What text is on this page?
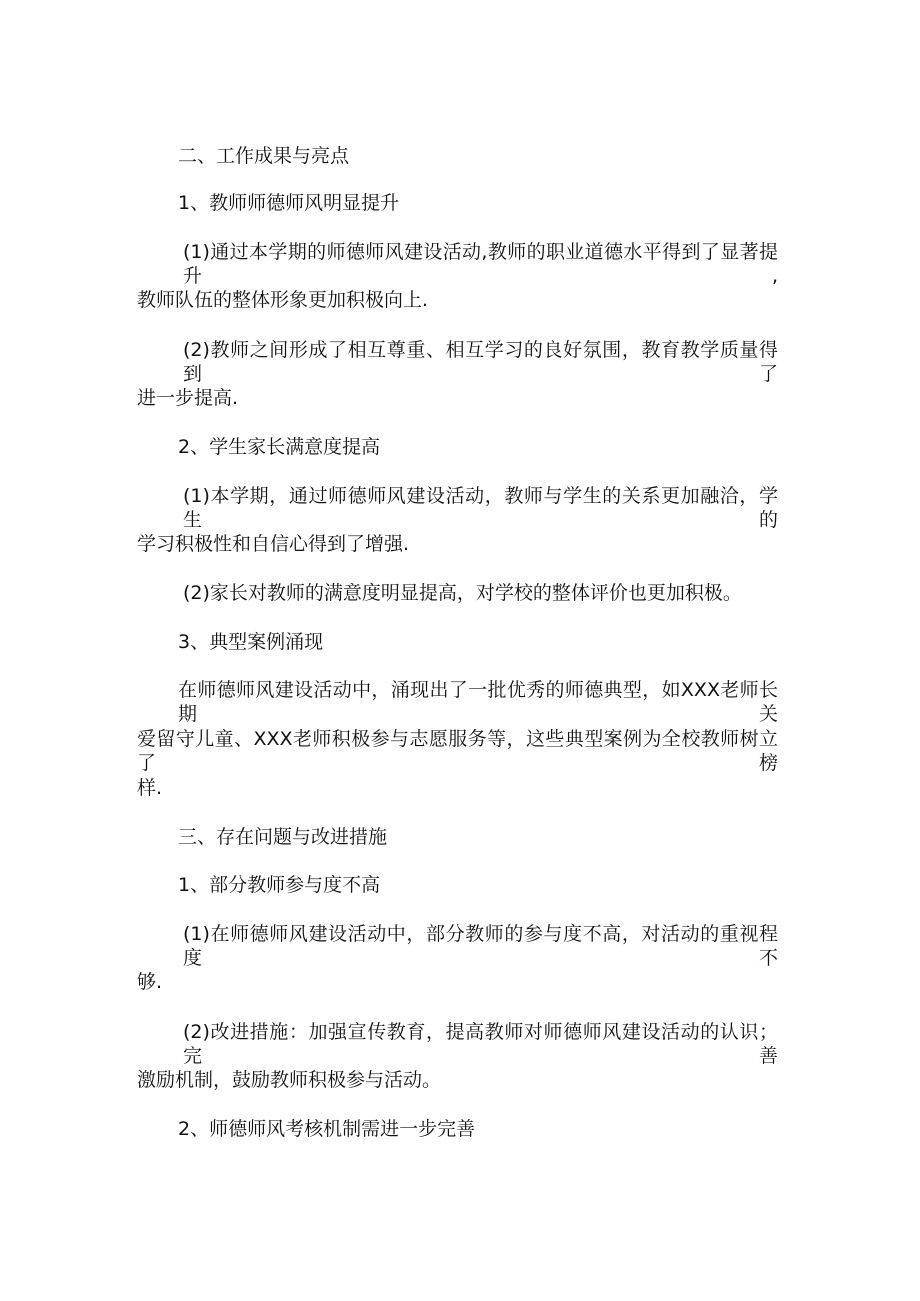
二、工作成果与亮点
1、教师师德师风明显提升
(1)通过本学期的师德师风建设活动,教师的职业道德水平得到了显著提升,
教师队伍的整体形象更加积极向上.
(2)教师之间形成了相互尊重、相互学习的良好氛围，教育教学质量得到了
进一步提高.
2、学生家长满意度提高
(1)本学期，通过师德师风建设活动，教师与学生的关系更加融洽，学生的
学习积极性和自信心得到了增强.
(2)家长对教师的满意度明显提高，对学校的整体评价也更加积极。
3、典型案例涌现
在师德师风建设活动中，涌现出了一批优秀的师德典型，如XXX老师长期关
爱留守儿童、XXX老师积极参与志愿服务等，这些典型案例为全校教师树立了榜
样.
三、存在问题与改进措施
1、部分教师参与度不高
(1)在师德师风建设活动中，部分教师的参与度不高，对活动的重视程度不
够.
(2)改进措施：加强宣传教育，提高教师对师德师风建设活动的认识；完善
激励机制，鼓励教师积极参与活动。
2、师德师风考核机制需进一步完善
